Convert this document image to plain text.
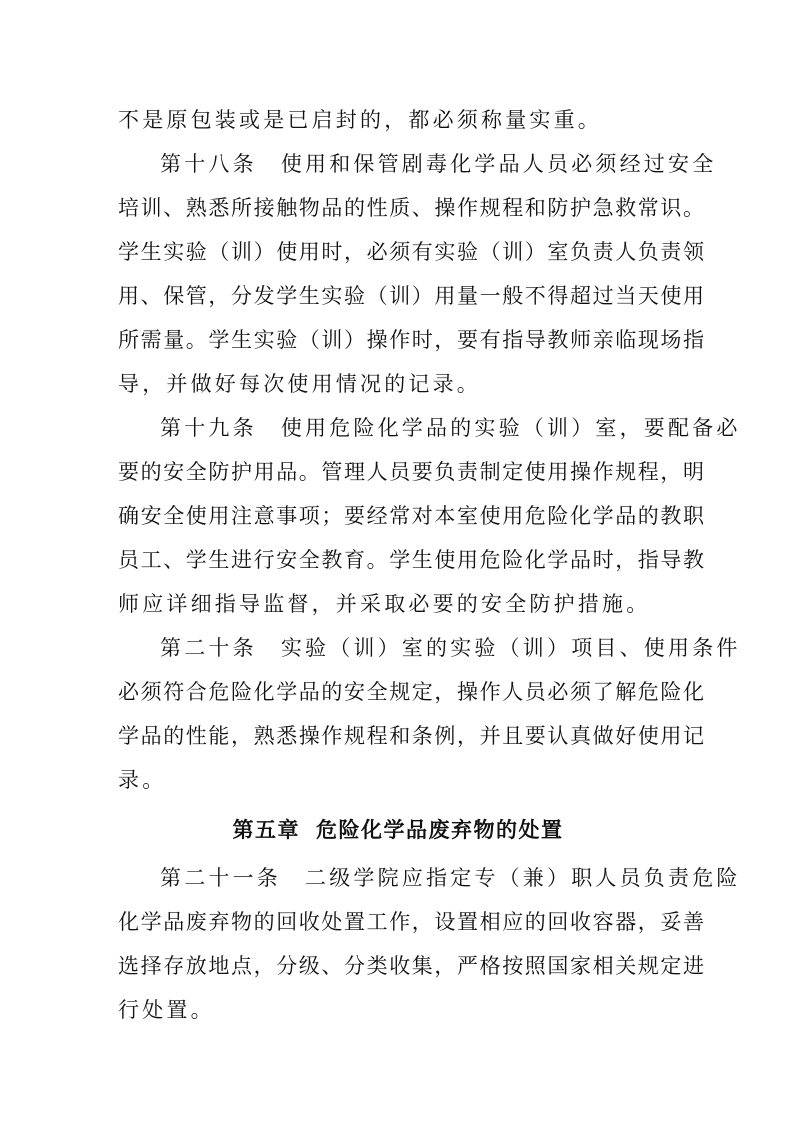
不是原包装或是已启封的，都必须称量实重。
第十八条 使用和保管剧毒化学品人员必须经过安全
培训、熟悉所接触物品的性质、操作规程和防护急救常识。
学生实验（训）使用时，必须有实验（训）室负责人负责领
用、保管，分发学生实验（训）用量一般不得超过当天使用
所需量。学生实验（训）操作时，要有指导教师亲临现场指
导，并做好每次使用情况的记录。
第十九条 使用危险化学品的实验（训）室，要配备必
要的安全防护用品。管理人员要负责制定使用操作规程，明
确安全使用注意事项；要经常对本室使用危险化学品的教职
员工、学生进行安全教育。学生使用危险化学品时，指导教
师应详细指导监督，并采取必要的安全防护措施。
第二十条 实验（训）室的实验（训）项目、使用条件
必须符合危险化学品的安全规定，操作人员必须了解危险化
学品的性能，熟悉操作规程和条例，并且要认真做好使用记
录。
第五章 危险化学品废弃物的处置
第二十一条 二级学院应指定专（兼）职人员负责危险
化学品废弃物的回收处置工作，设置相应的回收容器，妥善
选择存放地点，分级、分类收集，严格按照国家相关规定进
行处置。
